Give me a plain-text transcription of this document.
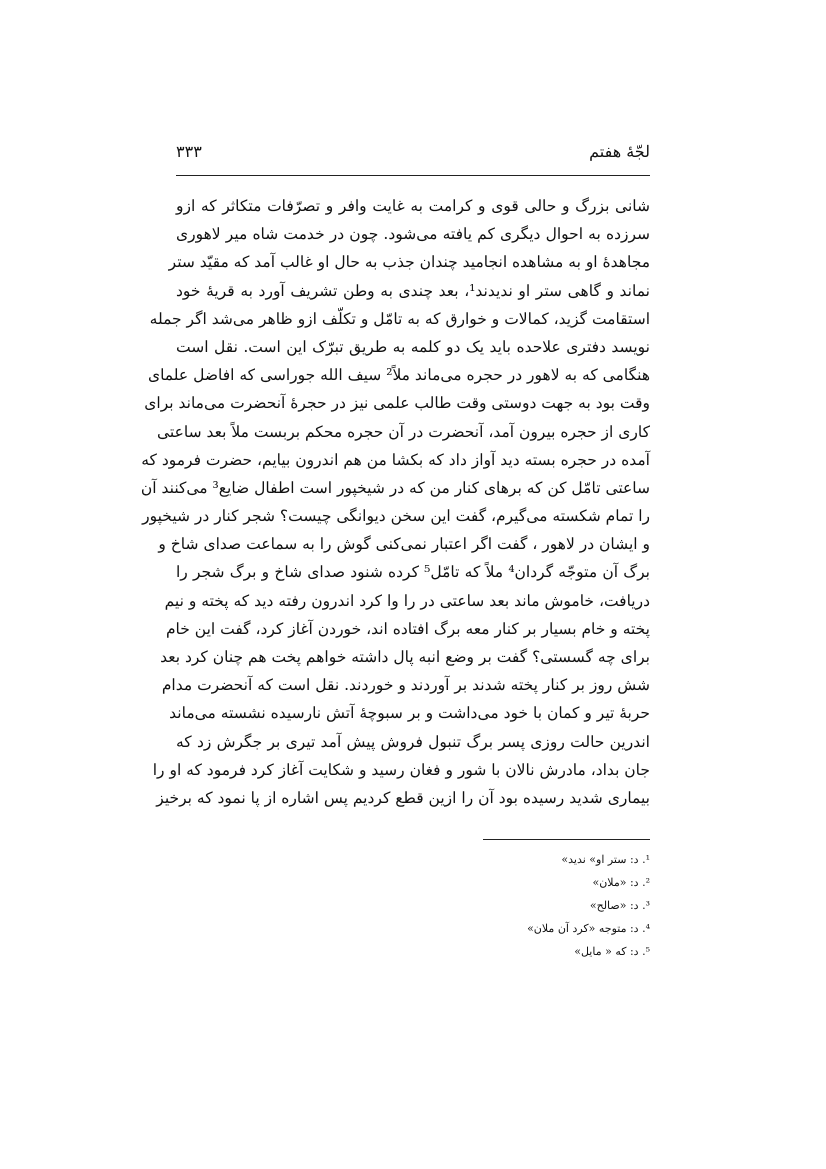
لجّهٔ هفتم
۳۳۳
شانی بزرگ و حالی قوی و کرامت به غایت وافر و تصرّفات متکاثر که ازو
سرزده به احوال دیگری کم یافته می‌شود. چون در خدمت شاه میر لاهوری
مجاهدهٔ او به مشاهده انجامید چندان جذب به حال او غالب آمد که مقیّد ستر
نماند و گاهی ستر او ندیدند¹، بعد چندی به وطن تشریف آورد به قریهٔ خود
استقامت گزید، کمالات و خوارق که به تامّل و تکلّف ازو ظاهر می‌شد اگر جمله
نویسد دفتری علاحده باید یک دو کلمه به طریق تبرّک این است. نقل است
هنگامی که به لاهور در حجره می‌ماند ملاً² سیف الله جوراسی که افاضل علمای
وقت بود به جهت دوستی وقت طالب علمی نیز در حجرهٔ آنحضرت می‌ماند برای
کاری از حجره بیرون آمد، آنحضرت در آن حجره محکم بربست ملاً بعد ساعتی
آمده در حجره بسته دید آواز داد که بکشا من هم اندرون بیایم، حضرت فرمود که
ساعتی تامّل کن که برهای کنار من که در شیخپور است اطفال ضایع³ می‌کنند آن
را تمام شکسته می‌گیرم، گفت این سخن دیوانگی چیست؟ شجر کنار در شیخپور
و ایشان در لاهور ، گفت اگر اعتبار نمی‌کنی گوش را به سماعت صدای شاخ و
برگ آن متوجّه گردان⁴ ملاً که تامّل⁵ کرده شنود صدای شاخ و برگ شجر را
دریافت، خاموش ماند بعد ساعتی در را وا کرد اندرون رفته دید که پخته و نیم
پخته و خام بسیار بر کنار معه برگ افتاده اند، خوردن آغاز کرد، گفت این خام
برای چه گسستی؟ گفت بر وضع انبه پال داشته خواهم پخت هم چنان کرد بعد
شش روز بر کنار پخته شدند بر آوردند و خوردند. نقل است که آنحضرت مدام
حربهٔ تیر و کمان با خود می‌داشت و بر سبوچهٔ آتش نارسیده نشسته می‌ماند
اندرین حالت روزی پسر برگ تنبول فروش پیش آمد تیری بر جگرش زد که
جان بداد، مادرش نالان با شور و فغان رسید و شکایت آغاز کرد فرمود که او را
بیماری شدید رسیده بود آن را ازین قطع کردیم پس اشاره از پا نمود که برخیز
¹. د: ستر او» ندید»
². د: «ملان»
³. د: «صالح»
⁴. د: متوجه «کرد آن ملان»
⁵. د: که « مایل»
